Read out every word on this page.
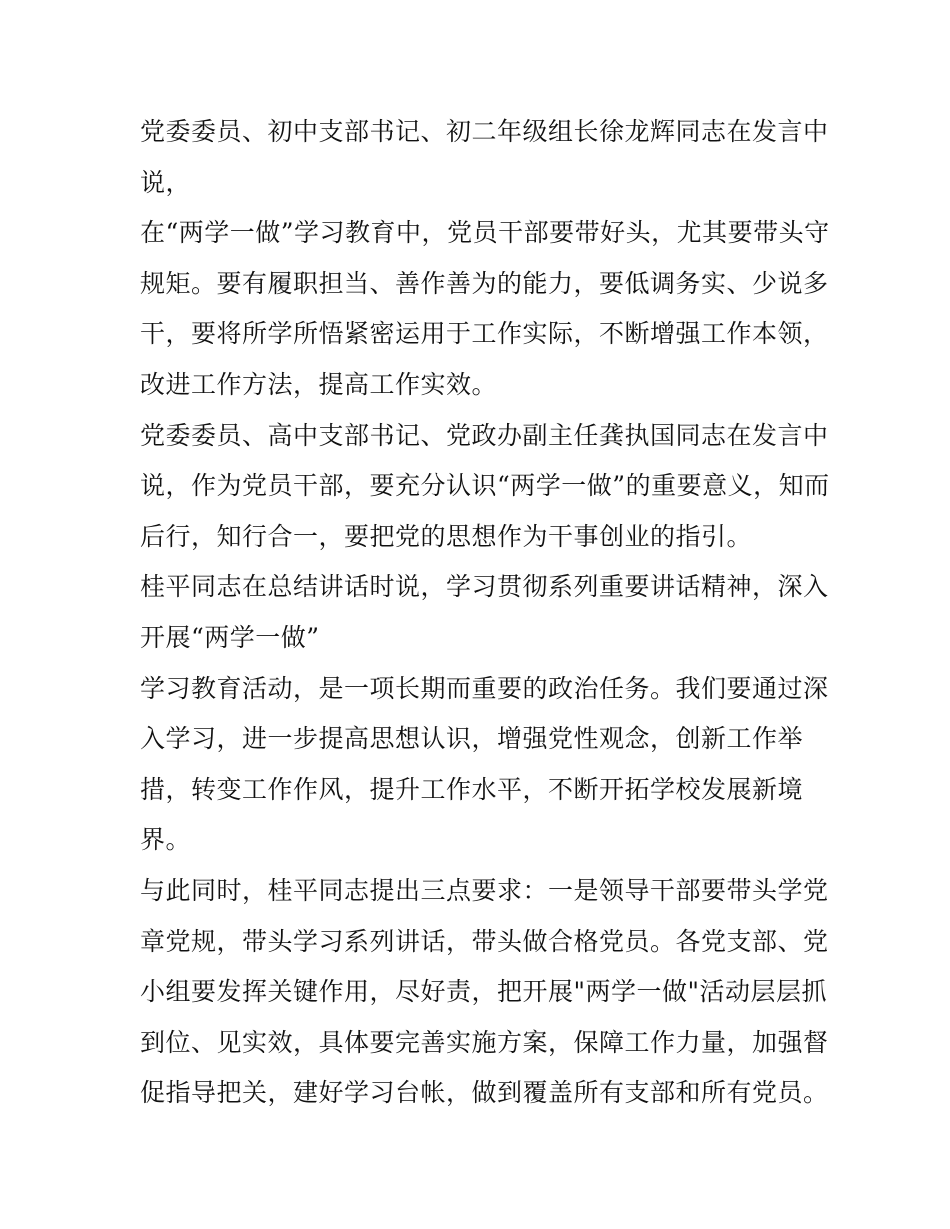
党委委员、初中支部书记、初二年级组长徐龙辉同志在发言中
说，
在“两学一做”学习教育中，党员干部要带好头，尤其要带头守
规矩。要有履职担当、善作善为的能力，要低调务实、少说多
干，要将所学所悟紧密运用于工作实际，不断增强工作本领，
改进工作方法，提高工作实效。
党委委员、高中支部书记、党政办副主任龚执国同志在发言中
说，作为党员干部，要充分认识“两学一做”的重要意义，知而
后行，知行合一，要把党的思想作为干事创业的指引。
桂平同志在总结讲话时说，学习贯彻系列重要讲话精神，深入
开展“两学一做”
学习教育活动，是一项长期而重要的政治任务。我们要通过深
入学习，进一步提高思想认识，增强党性观念，创新工作举
措，转变工作作风，提升工作水平，不断开拓学校发展新境
界。
与此同时，桂平同志提出三点要求：一是领导干部要带头学党
章党规，带头学习系列讲话，带头做合格党员。各党支部、党
小组要发挥关键作用，尽好责，把开展"两学一做"活动层层抓
到位、见实效，具体要完善实施方案，保障工作力量，加强督
促指导把关，建好学习台帐，做到覆盖所有支部和所有党员。
